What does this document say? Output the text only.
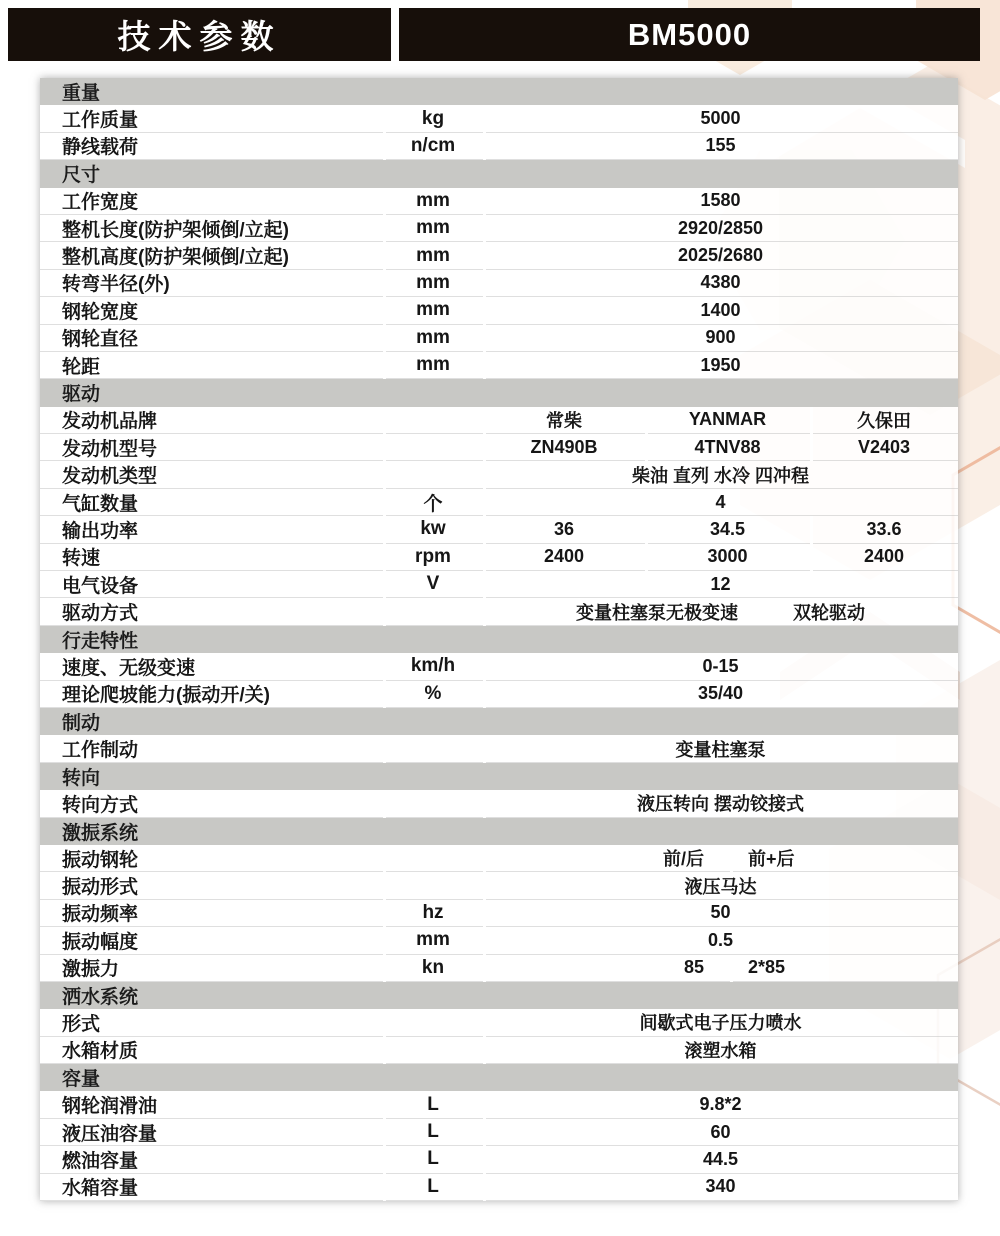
技术参数	BM5000
重量
工作质量	kg	5000
静线载荷	n/cm	155
尺寸
工作宽度	mm	1580
整机长度(防护架倾倒/立起)	mm	2920/2850
整机高度(防护架倾倒/立起)	mm	2025/2680
转弯半径(外)	mm	4380
钢轮宽度	mm	1400
钢轮直径	mm	900
轮距	mm	1950
驱动
发动机品牌	常柴	YANMAR	久保田
发动机型号	ZN490B	4TNV88	V2403
发动机类型	柴油 直列 水冷 四冲程
气缸数量	个	4
输出功率	kw	36	34.5	33.6
转速	rpm	2400	3000	2400
电气设备	V	12
驱动方式	变量柱塞泵无极变速	双轮驱动
行走特性
速度、无级变速	km/h	0-15
理论爬坡能力(振动开/关)	%	35/40
制动
工作制动	变量柱塞泵
转向
转向方式	液压转向 摆动铰接式
激振系统
振动钢轮	前/后	前+后
振动形式	液压马达
振动频率	hz	50
振动幅度	mm	0.5
激振力	kn	85	2*85
洒水系统
形式	间歇式电子压力喷水
水箱材质	滚塑水箱
容量
钢轮润滑油	L	9.8*2
液压油容量	L	60
燃油容量	L	44.5
水箱容量	L	340
